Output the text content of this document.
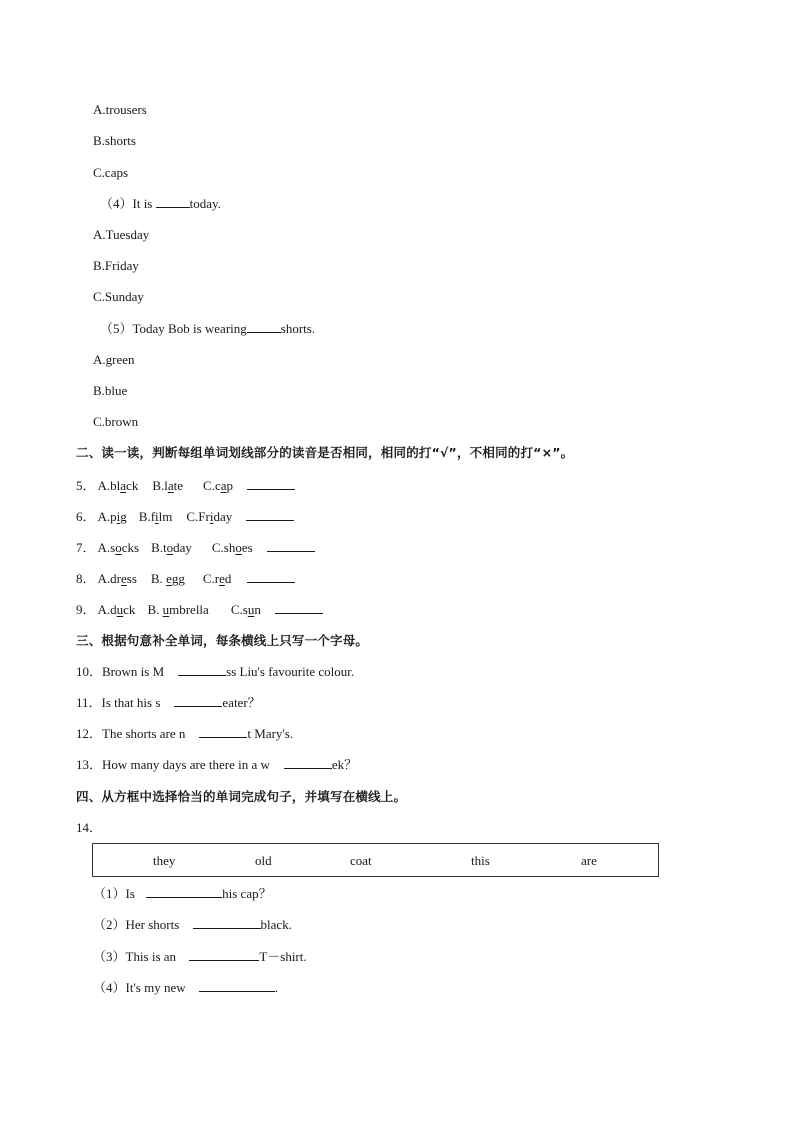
A.trousers
B.shorts
C.caps
（4）It is	today.
A.Tuesday
B.Friday
C.Sunday
（5）Today Bob is wearing	shorts.
A.green
B.blue
C.brown
二、读一读，判断每组单词划线部分的读音是否相同，相同的打“√”，不相同的打“×”。
5． A.black B.late C.cap
6． A.pig B.film C.Friday
7． A.socks B.today C.shoes
8． A.dress B. egg C.red
9． A.duck B. umbrella C.sun
三、根据句意补全单词，每条横线上只写一个字母。
10．Brown is M	ss Liu's favourite colour.
11．Is that his s	eater？
12．The shorts are n	t Mary's.
13．How many days are there in a w	ek？
四、从方框中选择恰当的单词完成句子，并填写在横线上。
14．
they	old	coat	this	are
（1）Is	his cap？
（2）Her shorts	black.
（3）This is an	T－shirt.
（4）It's my new	.
